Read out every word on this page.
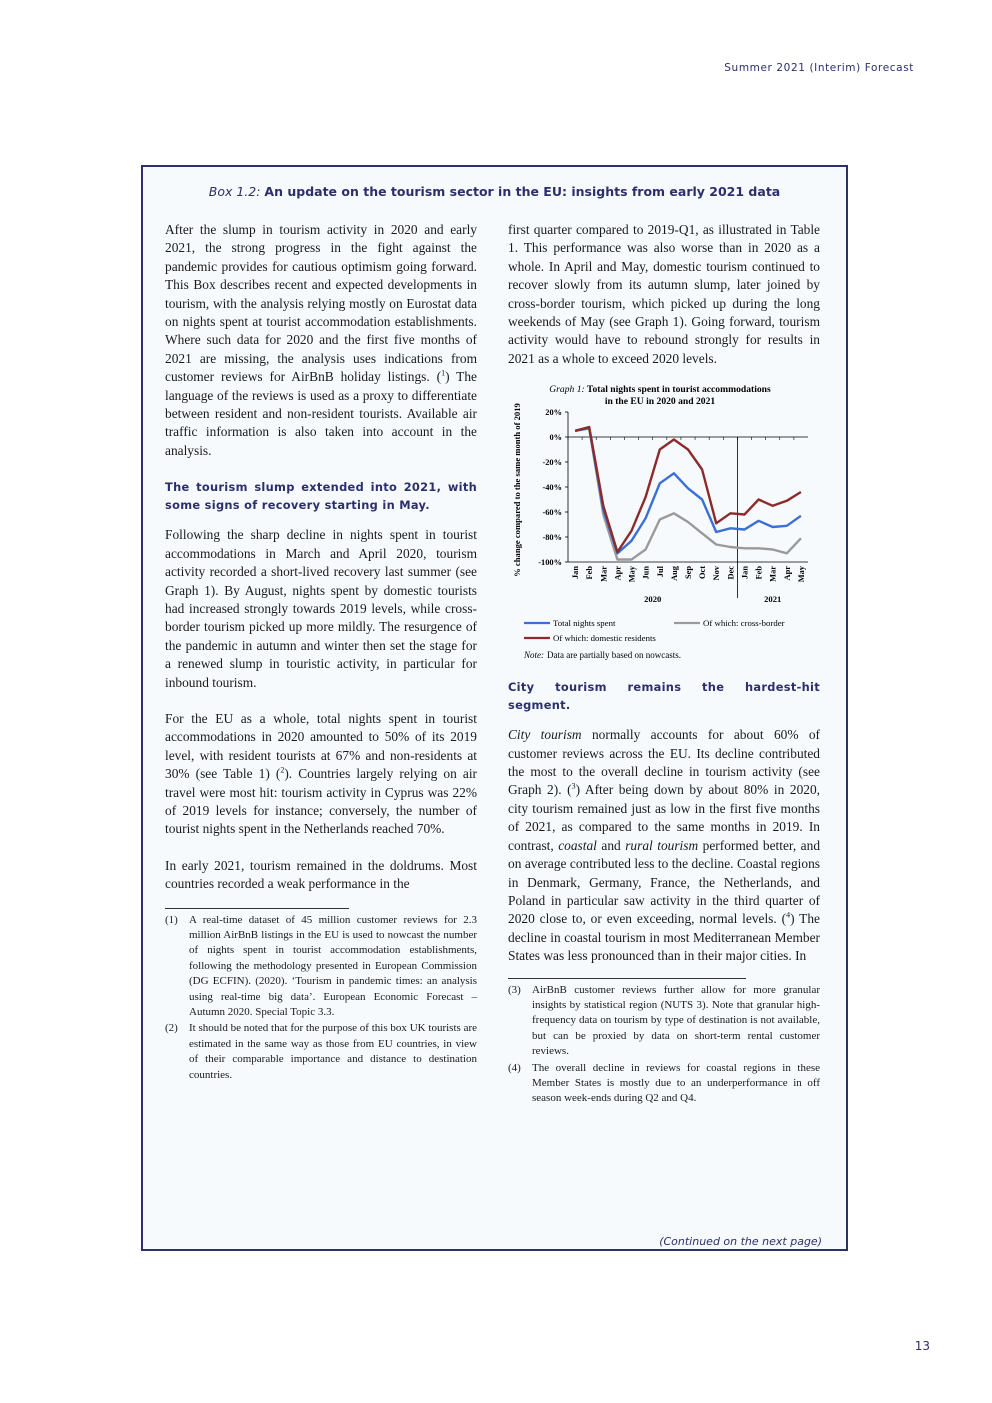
Summer 2021 (Interim) Forecast
Box 1.2: An update on the tourism sector in the EU: insights from early 2021 data

After the slump in tourism activity in 2020 and early 2021, the strong progress in the fight against the pandemic provides for cautious optimism going forward. This Box describes recent and expected developments in tourism, with the analysis relying mostly on Eurostat data on nights spent at tourist accommodation establishments. Where such data for 2020 and the first five months of 2021 are missing, the analysis uses indications from customer reviews for AirBnB holiday listings. ($^1$) The language of the reviews is used as a proxy to differentiate between resident and non-resident tourists. Available air traffic information is also taken into account in the analysis.

The tourism slump extended into 2021, with some signs of recovery starting in May.

Following the sharp decline in nights spent in tourist accommodations in March and April 2020, tourism activity recorded a short-lived recovery last summer (see Graph 1). By August, nights spent by domestic tourists had increased strongly towards 2019 levels, while cross-border tourism picked up more mildly. The resurgence of the pandemic in autumn and winter then set the stage for a renewed slump in touristic activity, in particular for inbound tourism.

For the EU as a whole, total nights spent in tourist accommodations in 2020 amounted to 50% of its 2019 level, with resident tourists at 67% and non-residents at 30% (see Table 1) ($^2$). Countries largely relying on air travel were most hit: tourism activity in Cyprus was 22% of 2019 levels for instance; conversely, the number of tourist nights spent in the Netherlands reached 70%.

In early 2021, tourism remained in the doldrums. Most countries recorded a weak performance in the

(1)	A real-time dataset of 45 million customer reviews for 2.3 million AirBnB listings in the EU is used to nowcast the number of nights spent in tourist accommodation establishments, following the methodology presented in European Commission (DG ECFIN). (2020). ‘Tourism in pandemic times: an analysis using real-time big data’. European Economic Forecast – Autumn 2020. Special Topic 3.3.
(2)	It should be noted that for the purpose of this box UK tourists are estimated in the same way as those from EU countries, in view of their comparable importance and distance to destination countries.

first quarter compared to 2019-Q1, as illustrated in Table 1. This performance was also worse than in 2020 as a whole. In April and May, domestic tourism continued to recover slowly from its autumn slump, later joined by cross-border tourism, which picked up during the long weekends of May (see Graph 1). Going forward, tourism activity would have to rebound strongly for results in 2021 as a whole to exceed 2020 levels.

Graph 1: Total nights spent in tourist accommodations
in the EU in 2020 and 2021
% change compared to the same month of 2019	20%
0%
-20%
-40%
-60%
-80%
-100%
Jan Feb Mar Apr May Jun Jul Aug Sep Oct Nov Dec Jan Feb Mar Apr May
2020	2021
Total nights spent	Of which: cross-border
Of which: domestic residents
Note: Data are partially based on nowcasts.
City tourism remains the hardest-hit segment.

City tourism normally accounts for about 60% of customer reviews across the EU. Its decline contributed the most to the overall decline in tourism activity (see Graph 2). ($^3$) After being down by about 80% in 2020, city tourism remained just as low in the first five months of 2021, as compared to the same months in 2019. In contrast, coastal and rural tourism performed better, and on average contributed less to the decline. Coastal regions in Denmark, Germany, France, the Netherlands, and Poland in particular saw activity in the third quarter of 2020 close to, or even exceeding, normal levels. ($^4$) The decline in coastal tourism in most Mediterranean Member States was less pronounced than in their major cities. In

(3)	AirBnB customer reviews further allow for more granular insights by statistical region (NUTS 3). Note that granular high-frequency data on tourism by type of destination is not available, but can be proxied by data on short-term rental customer reviews.
(4)	The overall decline in reviews for coastal regions in these Member States is mostly due to an underperformance in off season week-ends during Q2 and Q4.
(Continued on the next page)
13
